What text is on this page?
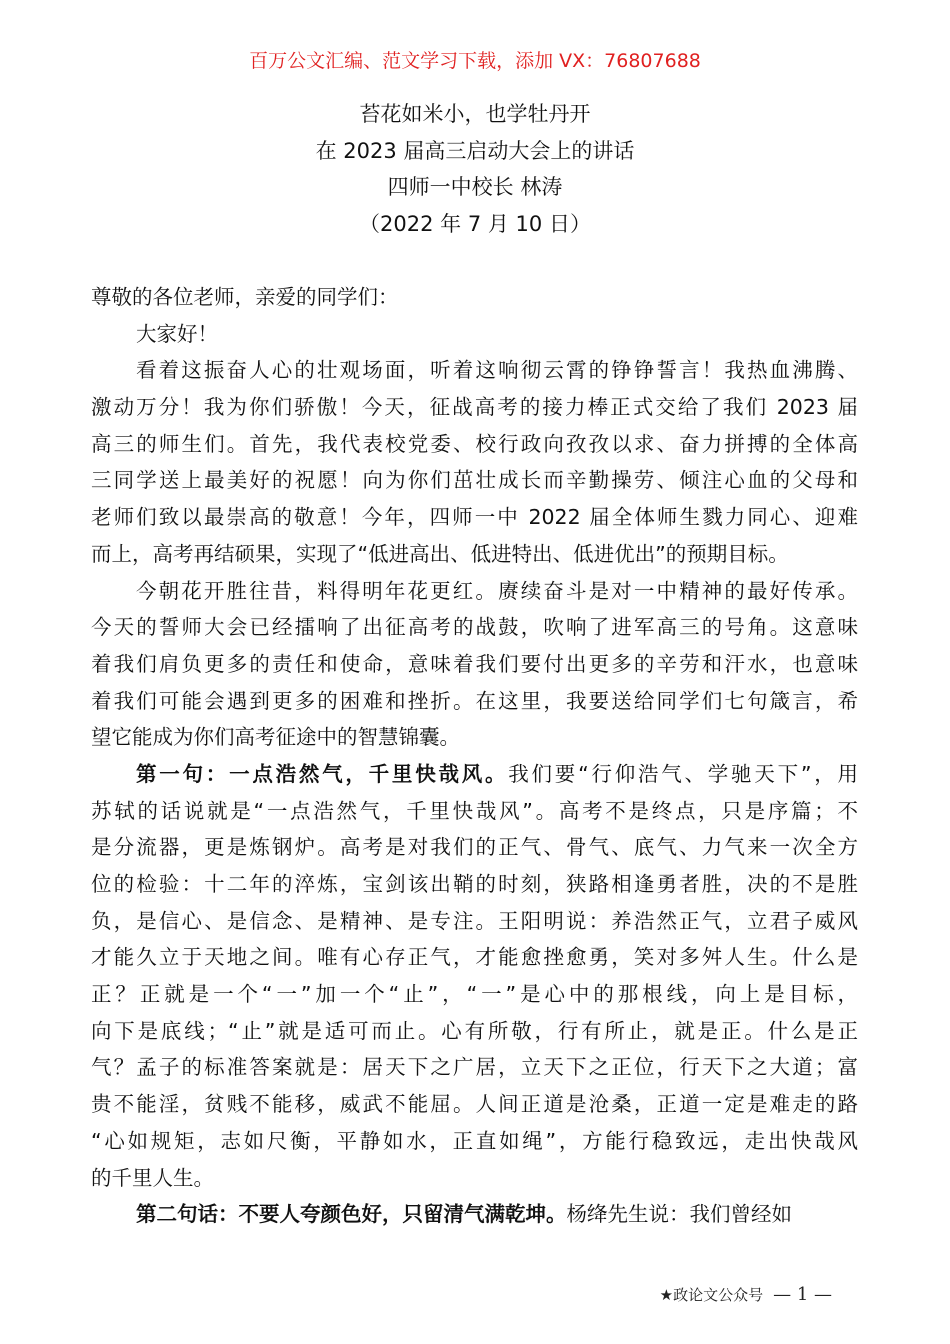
百万公文汇编、范文学习下载，添加 VX：76807688
苔花如米小，也学牡丹开
在 2023 届高三启动大会上的讲话
四师一中校长 林涛
（2022 年 7 月 10 日）
尊敬的各位老师，亲爱的同学们：
大家好！
看着这振奋人心的壮观场面，听着这响彻云霄的铮铮誓言！我热血沸腾、
激动万分！我为你们骄傲！今天，征战高考的接力棒正式交给了我们 2023 届
高三的师生们。首先，我代表校党委、校行政向孜孜以求、奋力拼搏的全体高
三同学送上最美好的祝愿！向为你们茁壮成长而辛勤操劳、倾注心血的父母和
老师们致以最崇高的敬意！今年，四师一中 2022 届全体师生戮力同心、迎难
而上，高考再结硕果，实现了“低进高出、低进特出、低进优出”的预期目标。
今朝花开胜往昔，料得明年花更红。赓续奋斗是对一中精神的最好传承。
今天的誓师大会已经擂响了出征高考的战鼓，吹响了进军高三的号角。这意味
着我们肩负更多的责任和使命，意味着我们要付出更多的辛劳和汗水，也意味
着我们可能会遇到更多的困难和挫折。在这里，我要送给同学们七句箴言，希
望它能成为你们高考征途中的智慧锦囊。
第一句：一点浩然气，千里快哉风。我们要“行仰浩气、学驰天下”，用
苏轼的话说就是“一点浩然气，千里快哉风”。高考不是终点，只是序篇；不
是分流器，更是炼钢炉。高考是对我们的正气、骨气、底气、力气来一次全方
位的检验：十二年的淬炼，宝剑该出鞘的时刻，狭路相逢勇者胜，决的不是胜
负，是信心、是信念、是精神、是专注。王阳明说：养浩然正气，立君子威风
才能久立于天地之间。唯有心存正气，才能愈挫愈勇，笑对多舛人生。什么是
正？正就是一个“一”加一个“止”，“一”是心中的那根线，向上是目标，
向下是底线；“止”就是适可而止。心有所敬，行有所止，就是正。什么是正
气？孟子的标准答案就是：居天下之广居，立天下之正位，行天下之大道；富
贵不能淫，贫贱不能移，威武不能屈。人间正道是沧桑，正道一定是难走的路
“心如规矩，志如尺衡，平静如水，正直如绳”，方能行稳致远，走出快哉风
的千里人生。
第二句话：不要人夸颜色好，只留清气满乾坤。杨绛先生说：我们曾经如
★政论文公众号 — 1 —
